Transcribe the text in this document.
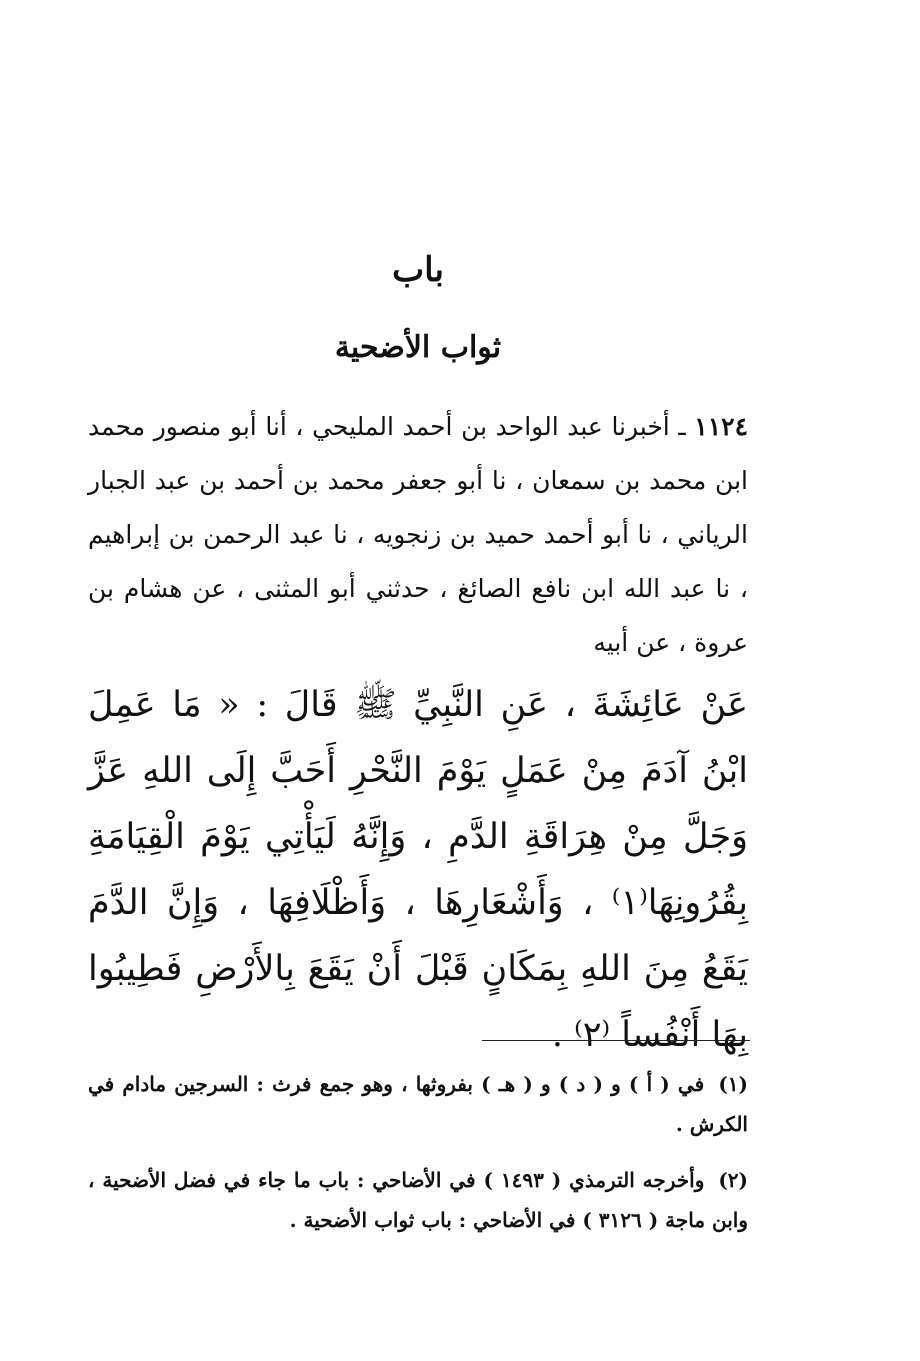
باب
ثواب الأضحية
١١٢٤ ـ أخبرنا عبد الواحد بن أحمد المليحي ، أنا أبو منصور محمد ابن محمد بن سمعان ، نا أبو جعفر محمد بن أحمد بن عبد الجبار الرياني ، نا أبو أحمد حميد بن زنجويه ، نا عبد الرحمن بن إبراهيم ، نا عبد الله ابن نافع الصائغ ، حدثني أبو المثنى ، عن هشام بن عروة ، عن أبيه
عَنْ عَائِشَةَ ، عَنِ النَّبِيِّ ﷺ قَالَ : « مَا عَمِلَ ابْنُ آدَمَ مِنْ عَمَلٍ يَوْمَ النَّحْرِ أَحَبَّ إِلَى اللهِ عَزَّ وَجَلَّ مِنْ هِرَاقَةِ الدَّمِ ، وَإِنَّهُ لَيَأْتِي يَوْمَ الْقِيَامَةِ بِقُرُونِهَا⁽١⁾ ، وَأَشْعَارِهَا ، وَأَظْلَافِهَا ، وَإِنَّ الدَّمَ يَقَعُ مِنَ اللهِ بِمَكَانٍ قَبْلَ أَنْ يَقَعَ بِالأَرْضِ فَطِيبُوا بِهَا أَنْفُساً ⁽٢⁾ .
(١) في ( أ ) و ( د ) و ( هـ ) بفروثها ، وهو جمع فرث : السرجين مادام في الكرش .
(٢) وأخرجه الترمذي ( ١٤٩٣ ) في الأضاحي : باب ما جاء في فضل الأضحية ، وابن ماجة ( ٣١٢٦ ) في الأضاحي : باب ثواب الأضحية .
